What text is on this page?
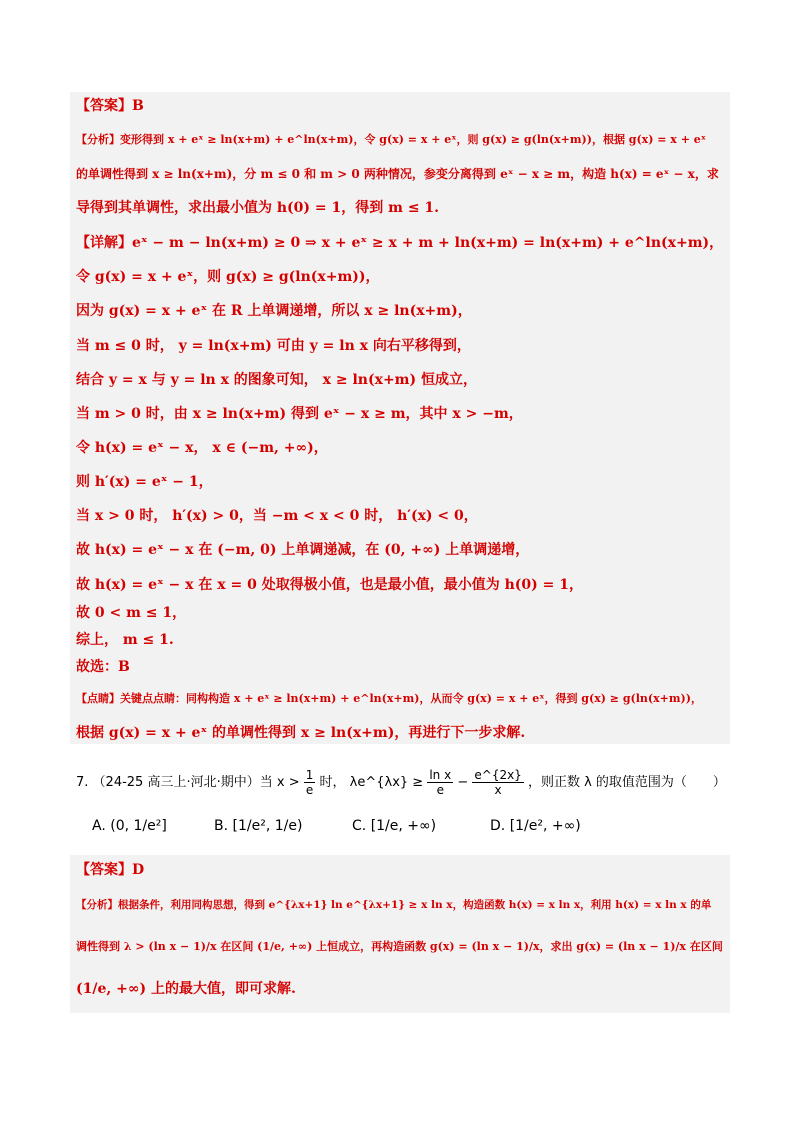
【答案】B
【分析】变形得到 x + eˣ ≥ ln(x+m) + e^ln(x+m)，令 g(x) = x + eˣ，则 g(x) ≥ g(ln(x+m))，根据 g(x) = x + eˣ
的单调性得到 x ≥ ln(x+m)，分 m ≤ 0 和 m > 0 两种情况，参变分离得到 eˣ − x ≥ m，构造 h(x) = eˣ − x，求
导得到其单调性，求出最小值为 h(0) = 1，得到 m ≤ 1.
【详解】eˣ − m − ln(x+m) ≥ 0 ⇒ x + eˣ ≥ x + m + ln(x+m) = ln(x+m) + e^ln(x+m)，
令 g(x) = x + eˣ，则 g(x) ≥ g(ln(x+m))，
因为 g(x) = x + eˣ 在 R 上单调递增，所以 x ≥ ln(x+m)，
当 m ≤ 0 时， y = ln(x+m) 可由 y = ln x 向右平移得到，
结合 y = x 与 y = ln x 的图象可知， x ≥ ln(x+m) 恒成立，
当 m > 0 时，由 x ≥ ln(x+m) 得到 eˣ − x ≥ m，其中 x > −m，
令 h(x) = eˣ − x， x ∈ (−m, +∞)，
则 h′(x) = eˣ − 1，
当 x > 0 时， h′(x) > 0，当 −m < x < 0 时， h′(x) < 0，
故 h(x) = eˣ − x 在 (−m, 0) 上单调递减，在 (0, +∞) 上单调递增，
故 h(x) = eˣ − x 在 x = 0 处取得极小值，也是最小值，最小值为 h(0) = 1，
故 0 < m ≤ 1，
综上， m ≤ 1.
故选：B
【点睛】关键点点睛：同构构造 x + eˣ ≥ ln(x+m) + e^ln(x+m)，从而令 g(x) = x + eˣ，得到 g(x) ≥ g(ln(x+m))，
根据 g(x) = x + eˣ 的单调性得到 x ≥ ln(x+m)，再进行下一步求解.
7. （24-25 高三上·河北·期中）当 $x > \frac{1}{e}$ 时， λe^{λx} ≥ $\frac{\text{ln x}}{e} - \frac{e\^{}\{2x\}}{x}$ ，则正数 λ 的取值范围为（　　）
A. (0, 1/e²]	B. [1/e², 1/e)	C. [1/e, +∞)	D. [1/e², +∞)
【答案】D
【分析】根据条件，利用同构思想，得到 e^{λx+1} ln e^{λx+1} ≥ x ln x，构造函数 h(x) = x ln x，利用 h(x) = x ln x 的单
调性得到 λ > (ln x − 1)/x 在区间 (1/e, +∞) 上恒成立，再构造函数 g(x) = (ln x − 1)/x，求出 g(x) = (ln x − 1)/x 在区间
(1/e, +∞) 上的最大值，即可求解.
